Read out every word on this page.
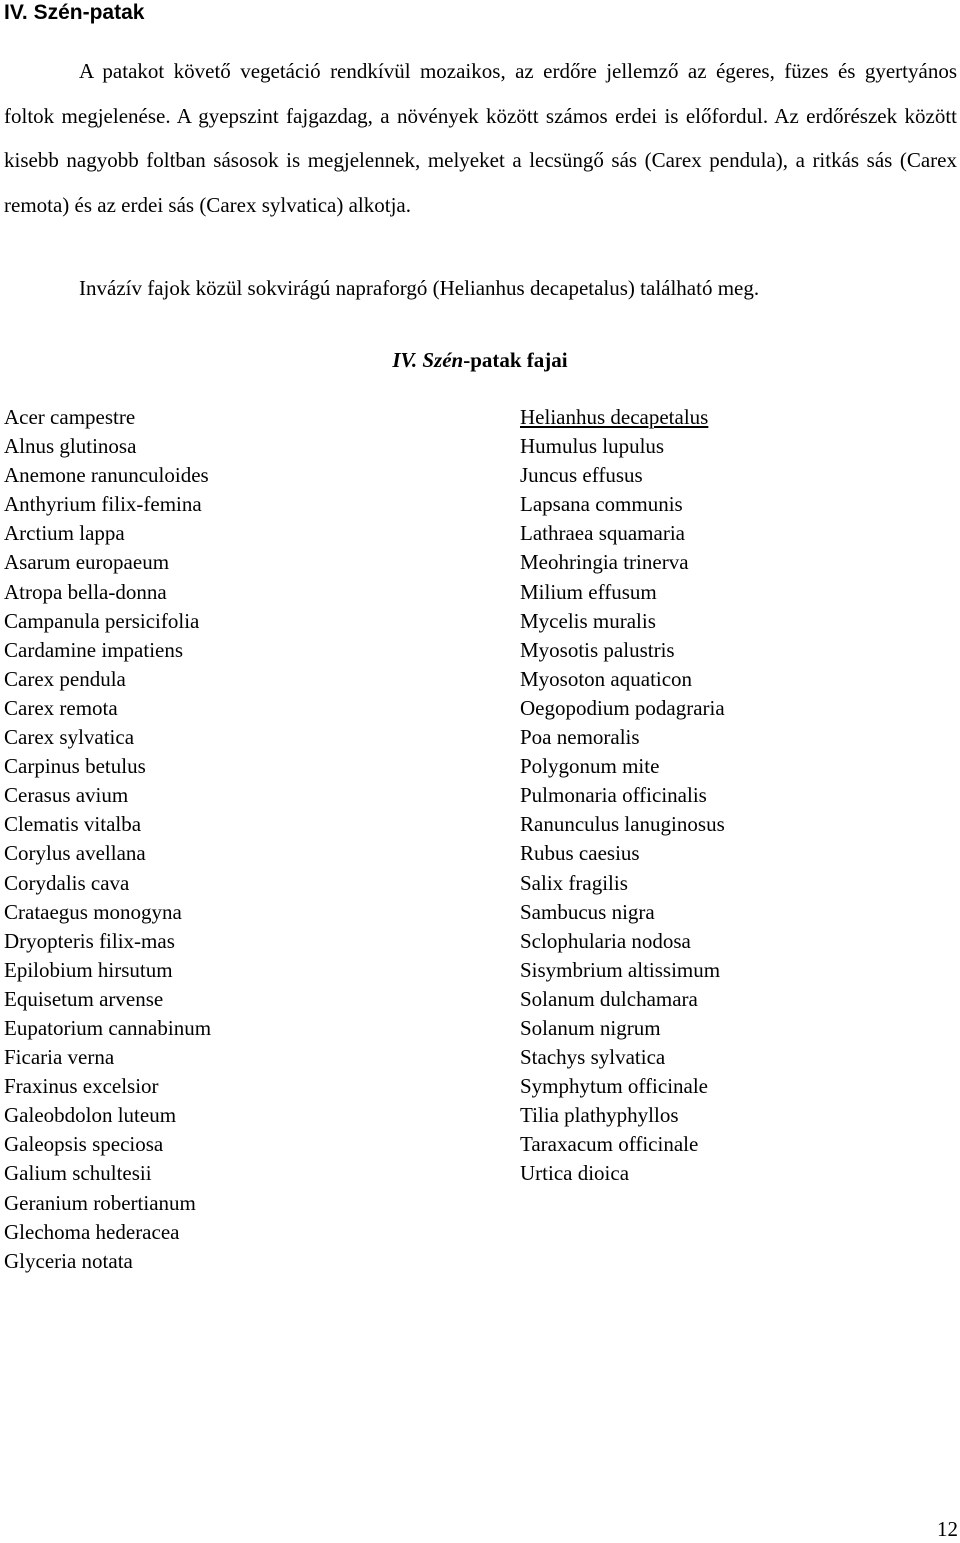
IV. Szén-patak

A patakot követő vegetáció rendkívül mozaikos, az erdőre jellemző az égeres, füzes és gyertyános foltok megjelenése. A gyepszint fajgazdag, a növények között számos erdei is előfordul. Az erdőrészek között kisebb nagyobb foltban sásosok is megjelennek, melyeket a lecsüngő sás (Carex pendula), a ritkás sás (Carex remota) és az erdei sás (Carex sylvatica) alkotja.

Invázív fajok közül sokvirágú napraforgó (Helianhus decapetalus) található meg.

IV. Szén-patak fajai
Acer campestre
Alnus glutinosa
Anemone ranunculoides
Anthyrium filix-femina
Arctium lappa
Asarum europaeum
Atropa bella-donna
Campanula persicifolia
Cardamine impatiens
Carex pendula
Carex remota
Carex sylvatica
Carpinus betulus
Cerasus avium
Clematis vitalba
Corylus avellana
Corydalis cava
Crataegus monogyna
Dryopteris filix-mas
Epilobium hirsutum
Equisetum arvense
Eupatorium cannabinum
Ficaria verna
Fraxinus excelsior
Galeobdolon luteum
Galeopsis speciosa
Galium schultesii
Geranium robertianum
Glechoma hederacea
Glyceria notata
Helianhus decapetalus
Humulus lupulus
Juncus effusus
Lapsana communis
Lathraea squamaria
Meohringia trinerva
Milium effusum
Mycelis muralis
Myosotis palustris
Myosoton aquaticon
Oegopodium podagraria
Poa nemoralis
Polygonum mite
Pulmonaria officinalis
Ranunculus lanuginosus
Rubus caesius
Salix fragilis
Sambucus nigra
Sclophularia nodosa
Sisymbrium altissimum
Solanum dulchamara
Solanum nigrum
Stachys sylvatica
Symphytum officinale
Tilia plathyphyllos
Taraxacum officinale
Urtica dioica
12
